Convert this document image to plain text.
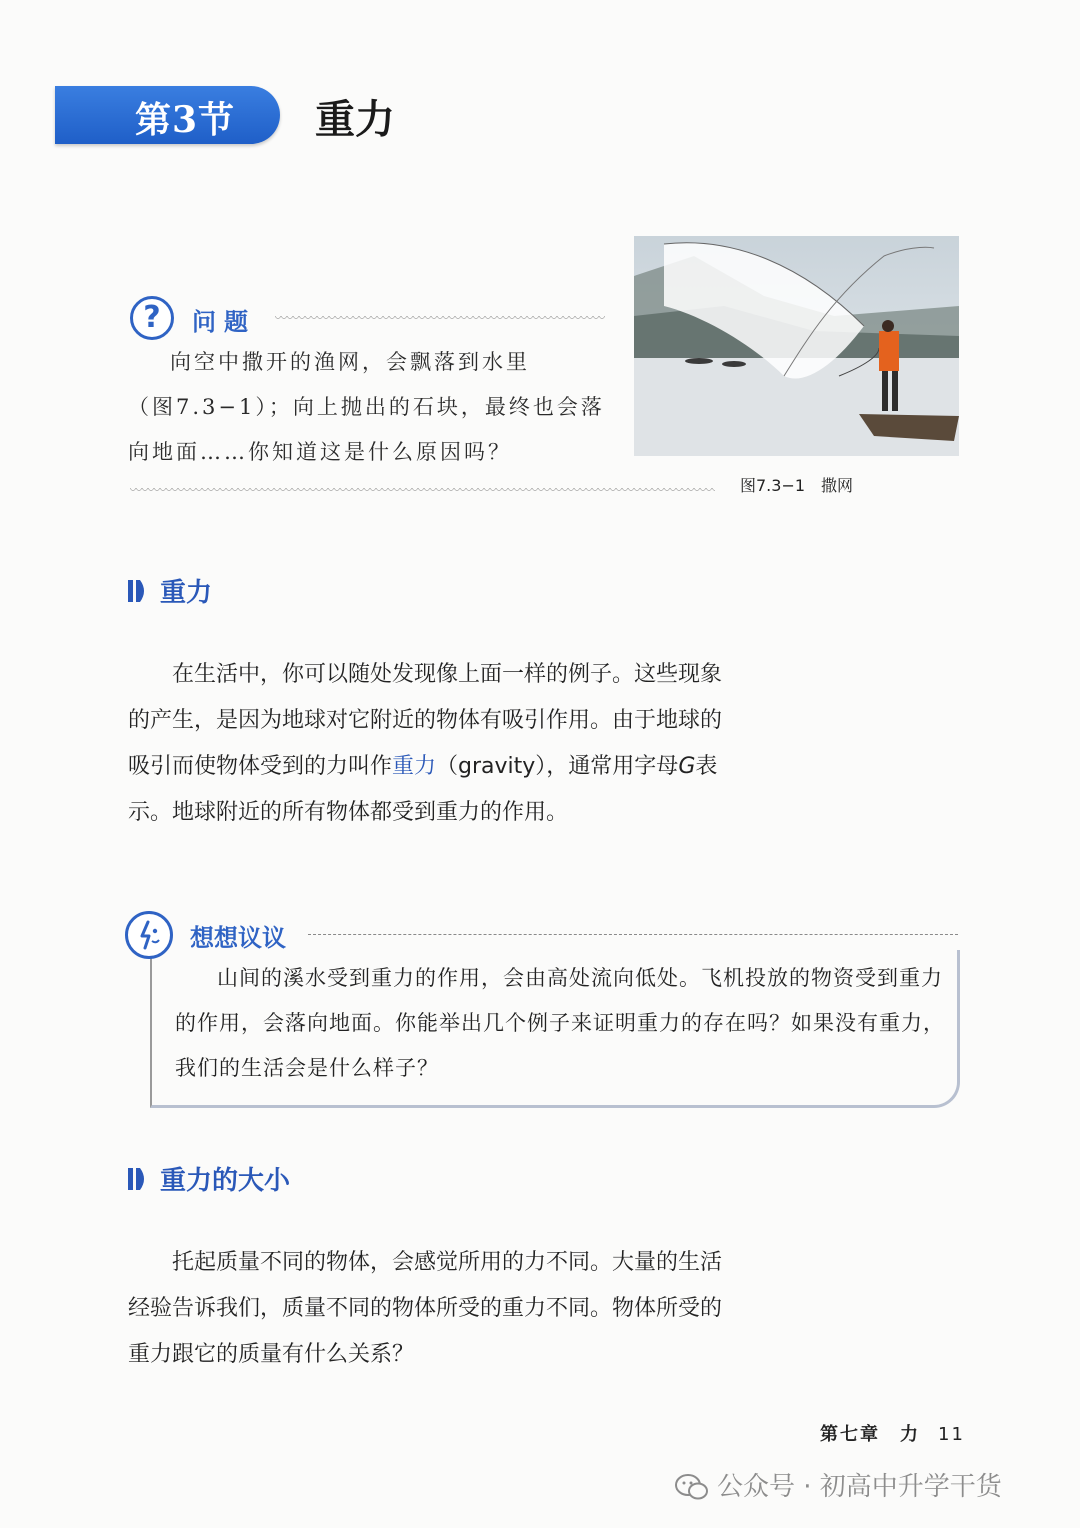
第3节 重力
?	问题

向空中撒开的渔网，会飘落到水里

（图7.3−1）；向上抛出的石块，最终也会落

向地面……你知道这是什么原因吗？

图7.3−1　撒网
重力

在生活中，你可以随处发现像上面一样的例子。这些现象的产生，是因为地球对它附近的物体有吸引作用。由于地球的吸引而使物体受到的力叫作重力（gravity），通常用字母G表示。地球附近的所有物体都受到重力的作用。

想想议议

山间的溪水受到重力的作用，会由高处流向低处。飞机投放的物资受到重力的作用，会落向地面。你能举出几个例子来证明重力的存在吗？如果没有重力，我们的生活会是什么样子？

重力的大小

托起质量不同的物体，会感觉所用的力不同。大量的生活经验告诉我们，质量不同的物体所受的重力不同。物体所受的重力跟它的质量有什么关系？

第七章　力 11
公众号 · 初高中升学干货
